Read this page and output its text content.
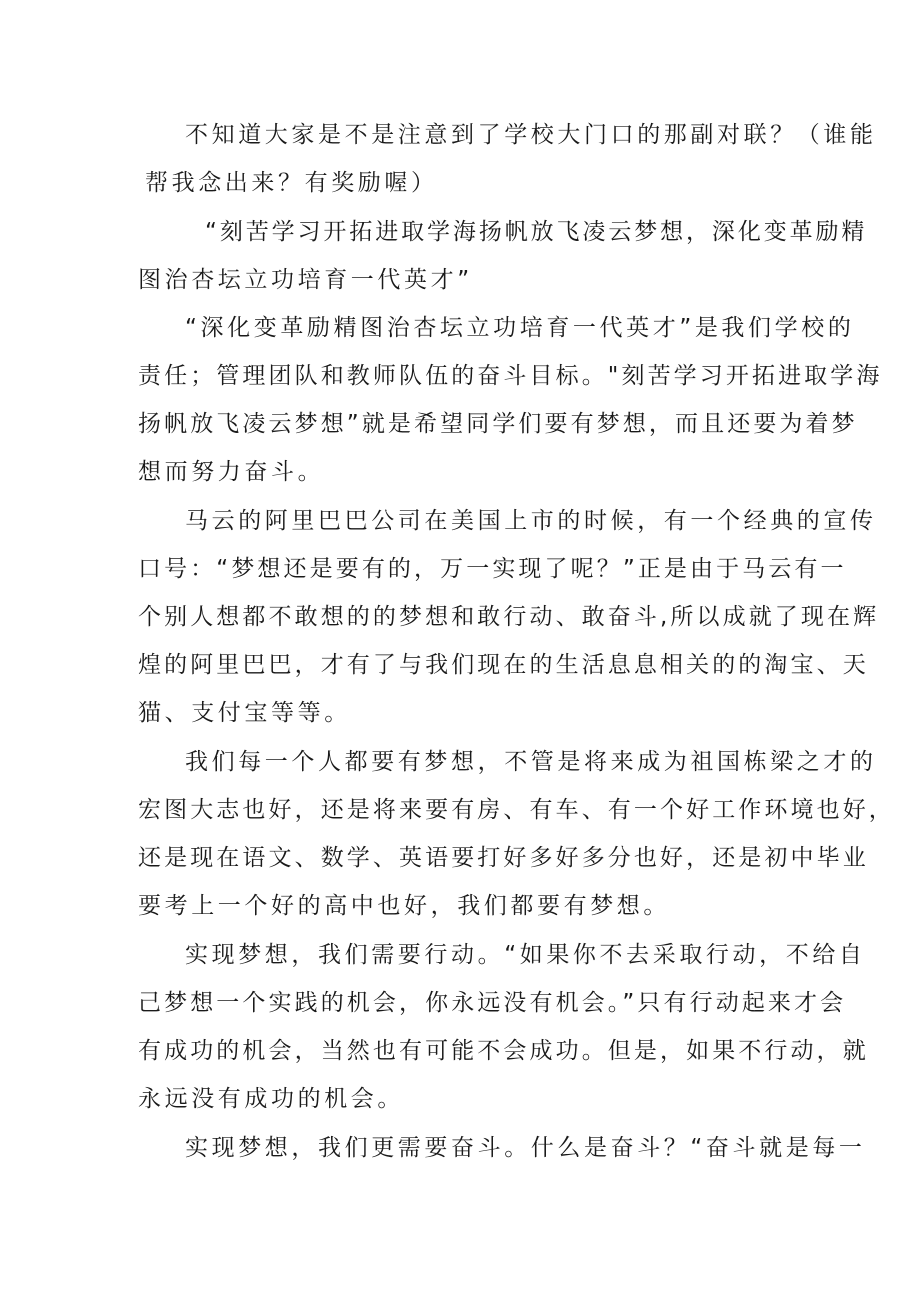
不知道大家是不是注意到了学校大门口的那副对联？（谁能
帮我念出来？有奖励喔）
“刻苦学习开拓进取学海扬帆放飞凌云梦想，深化变革励精
图治杏坛立功培育一代英才”
“深化变革励精图治杏坛立功培育一代英才”是我们学校的
责任；管理团队和教师队伍的奋斗目标。"刻苦学习开拓进取学海
扬帆放飞凌云梦想”就是希望同学们要有梦想，而且还要为着梦
想而努力奋斗。
马云的阿里巴巴公司在美国上市的时候，有一个经典的宣传
口号：“梦想还是要有的，万一实现了呢？”正是由于马云有一
个别人想都不敢想的的梦想和敢行动、敢奋斗,所以成就了现在辉
煌的阿里巴巴，才有了与我们现在的生活息息相关的的淘宝、天
猫、支付宝等等。
我们每一个人都要有梦想，不管是将来成为祖国栋梁之才的
宏图大志也好，还是将来要有房、有车、有一个好工作环境也好，
还是现在语文、数学、英语要打好多好多分也好，还是初中毕业
要考上一个好的高中也好，我们都要有梦想。
实现梦想，我们需要行动。“如果你不去采取行动，不给自
己梦想一个实践的机会，你永远没有机会。”只有行动起来才会
有成功的机会，当然也有可能不会成功。但是，如果不行动，就
永远没有成功的机会。
实现梦想，我们更需要奋斗。什么是奋斗？“奋斗就是每一
